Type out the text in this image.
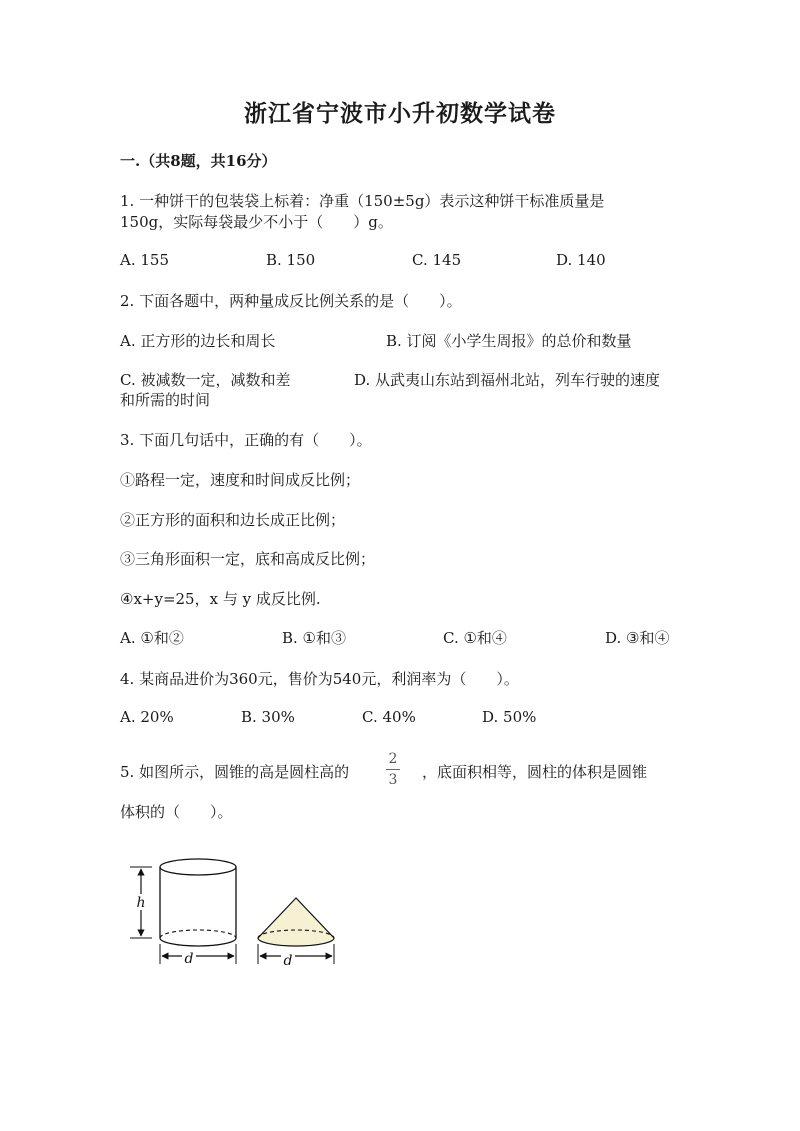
浙江省宁波市小升初数学试卷
一.（共8题，共16分）
1. 一种饼干的包装袋上标着：净重（150±5g）表示这种饼干标准质量是
150g，实际每袋最少不小于（　　）g。
A. 155	B. 150	C. 145	D. 140
2. 下面各题中，两种量成反比例关系的是（　　）。
A. 正方形的边长和周长	B. 订阅《小学生周报》的总价和数量
C. 被减数一定，减数和差	D. 从武夷山东站到福州北站，列车行驶的速度
和所需的时间
3. 下面几句话中，正确的有（　　）。
①路程一定，速度和时间成反比例；
②正方形的面积和边长成正比例；
③三角形面积一定，底和高成反比例；
④x+y=25，x 与 y 成反比例.
A. ①和②	B. ①和③	C. ①和④	D. ③和④
4. 某商品进价为360元，售价为540元，利润率为（　　）。
A. 20%	B. 30%	C. 40%	D. 50%
5. 如图所示，圆锥的高是圆柱高的
2
3 ，底面积相等，圆柱的体积是圆锥
体积的（　　）。
h
d	d
